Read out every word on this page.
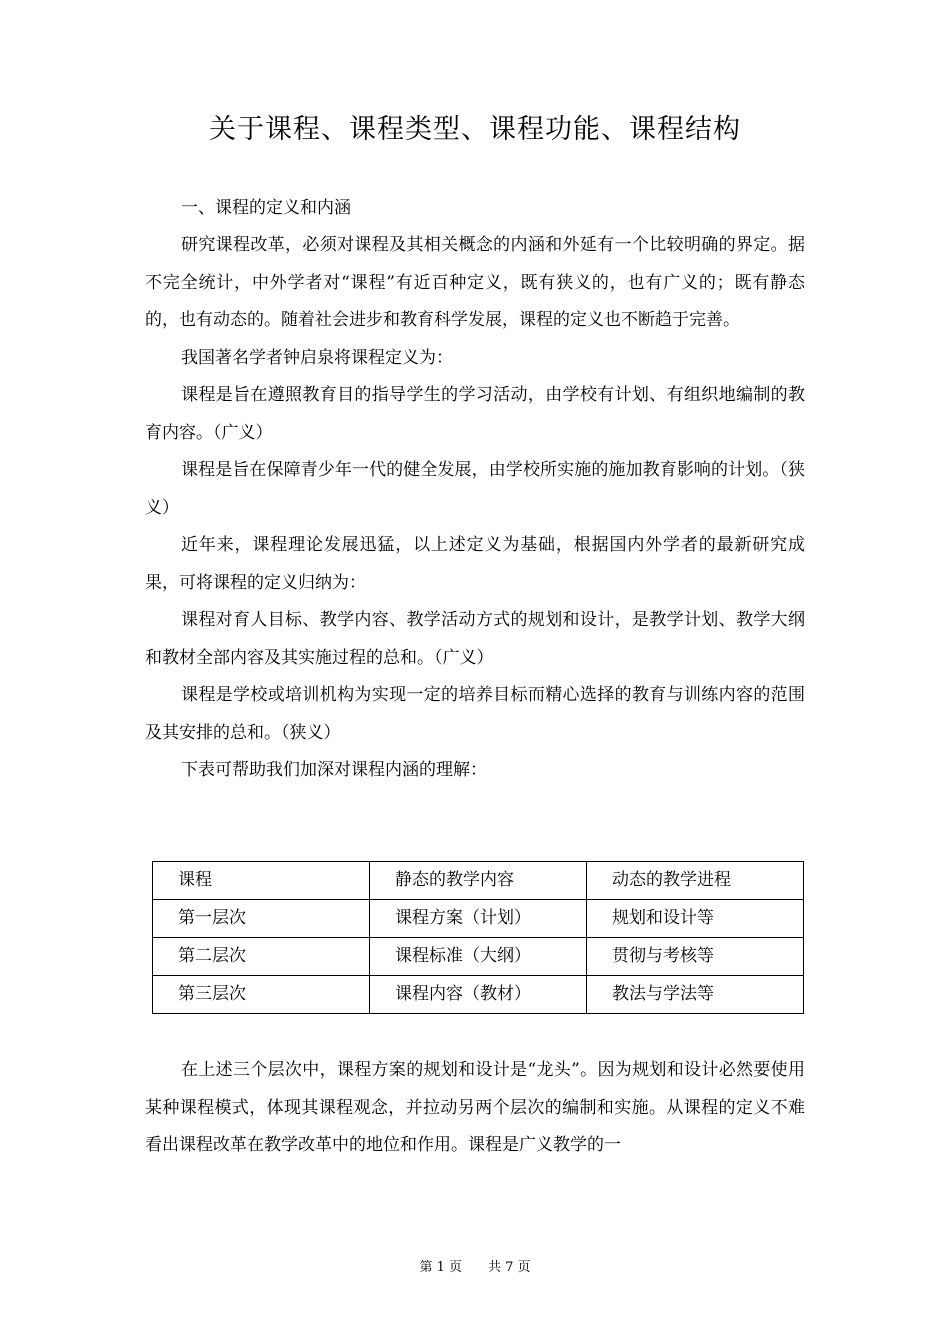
关于课程、课程类型、课程功能、课程结构
一、课程的定义和内涵

研究课程改革，必须对课程及其相关概念的内涵和外延有一个比较明确的界定。据不完全统计，中外学者对“课程”有近百种定义，既有狭义的，也有广义的；既有静态的，也有动态的。随着社会进步和教育科学发展，课程的定义也不断趋于完善。

我国著名学者钟启泉将课程定义为：

课程是旨在遵照教育目的指导学生的学习活动，由学校有计划、有组织地编制的教育内容。（广义）

课程是旨在保障青少年一代的健全发展，由学校所实施的施加教育影响的计划。（狭义）

近年来，课程理论发展迅猛，以上述定义为基础，根据国内外学者的最新研究成果，可将课程的定义归纳为：

课程对育人目标、教学内容、教学活动方式的规划和设计，是教学计划、教学大纲和教材全部内容及其实施过程的总和。（广义）

课程是学校或培训机构为实现一定的培养目标而精心选择的教育与训练内容的范围及其安排的总和。（狭义）

下表可帮助我们加深对课程内涵的理解：

课程	静态的教学内容	动态的教学进程
第一层次	课程方案（计划）	规划和设计等
第二层次	课程标准（大纲）	贯彻与考核等
第三层次	课程内容（教材）	教法与学法等

在上述三个层次中，课程方案的规划和设计是“龙头”。因为规划和设计必然要使用某种课程模式，体现其课程观念，并拉动另两个层次的编制和实施。从课程的定义不难看出课程改革在教学改革中的地位和作用。课程是广义教学的一

第 1 页 共 7 页
